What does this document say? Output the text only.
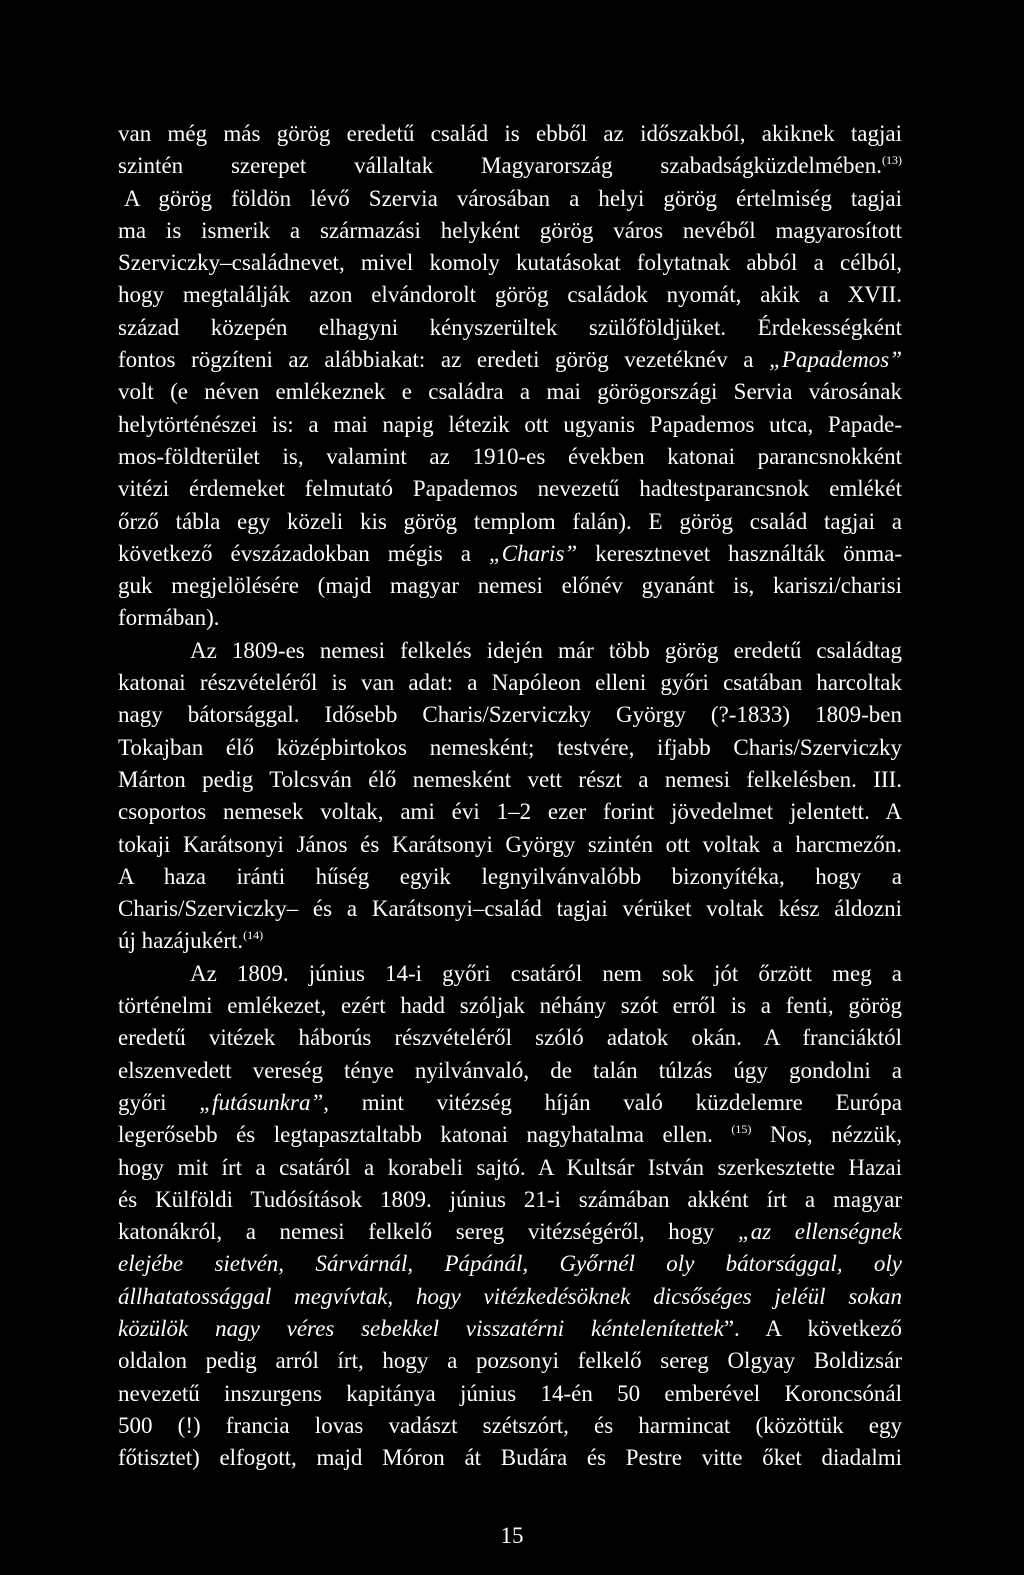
van még más görög eredetű család is ebből az időszakból, akiknek tagjai
szintén szerepet vállaltak Magyarország szabadságküzdelmében.$^{(13)}$
A görög földön lévő Szervia városában a helyi görög értelmiség tagjai
ma is ismerik a származási helyként görög város nevéből magyarosított
Szerviczky–családnevet, mivel komoly kutatásokat folytatnak abból a célból,
hogy megtalálják azon elvándorolt görög családok nyomát, akik a XVII.
század közepén elhagyni kényszerültek szülőföldjüket. Érdekességként
fontos rögzíteni az alábbiakat: az eredeti görög vezetéknév a „Papademos”
volt (e néven emlékeznek e családra a mai görögországi Servia városának
helytörténészei is: a mai napig létezik ott ugyanis Papademos utca, Papade-
mos-földterület is, valamint az 1910-es években katonai parancsnokként
vitézi érdemeket felmutató Papademos nevezetű hadtestparancsnok emlékét
őrző tábla egy közeli kis görög templom falán). E görög család tagjai a
következő évszázadokban mégis a „Charis” keresztnevet használták önma-
guk megjelölésére (majd magyar nemesi előnév gyanánt is, kariszi/charisi
formában).
Az 1809-es nemesi felkelés idején már több görög eredetű családtag
katonai részvételéről is van adat: a Napóleon elleni győri csatában harcoltak
nagy bátorsággal. Idősebb Charis/Szerviczky György (?-1833) 1809-ben
Tokajban élő középbirtokos nemesként; testvére, ifjabb Charis/Szerviczky
Márton pedig Tolcsván élő nemesként vett részt a nemesi felkelésben. III.
csoportos nemesek voltak, ami évi 1–2 ezer forint jövedelmet jelentett. A
tokaji Karátsonyi János és Karátsonyi György szintén ott voltak a harcmezőn.
A haza iránti hűség egyik legnyilvánvalóbb bizonyítéka, hogy a
Charis/Szerviczky– és a Karátsonyi–család tagjai vérüket voltak kész áldozni
új hazájukért.$^{(14)}$
Az 1809. június 14-i győri csatáról nem sok jót őrzött meg a
történelmi emlékezet, ezért hadd szóljak néhány szót erről is a fenti, görög
eredetű vitézek háborús részvételéről szóló adatok okán. A franciáktól
elszenvedett vereség ténye nyilvánvaló, de talán túlzás úgy gondolni a
győri „futásunkra”, mint vitézség híján való küzdelemre Európa
legerősebb és legtapasztaltabb katonai nagyhatalma ellen. $^{(15)}$ Nos, nézzük,
hogy mit írt a csatáról a korabeli sajtó. A Kultsár István szerkesztette Hazai
és Külföldi Tudósítások 1809. június 21-i számában akként írt a magyar
katonákról, a nemesi felkelő sereg vitézségéről, hogy „az ellenségnek
elejébe sietvén, Sárvárnál, Pápánál, Győrnél oly bátorsággal, oly
állhatatossággal megvívtak, hogy vitézkedésöknek dicsőséges jeléül sokan
közülök nagy véres sebekkel visszatérni kéntelenítettek”. A következő
oldalon pedig arról írt, hogy a pozsonyi felkelő sereg Olgyay Boldizsár
nevezetű inszurgens kapitánya június 14-én 50 emberével Koroncsónál
500 (!) francia lovas vadászt szétszórt, és harmincat (közöttük egy
főtisztet) elfogott, majd Móron át Budára és Pestre vitte őket diadalmi
15
